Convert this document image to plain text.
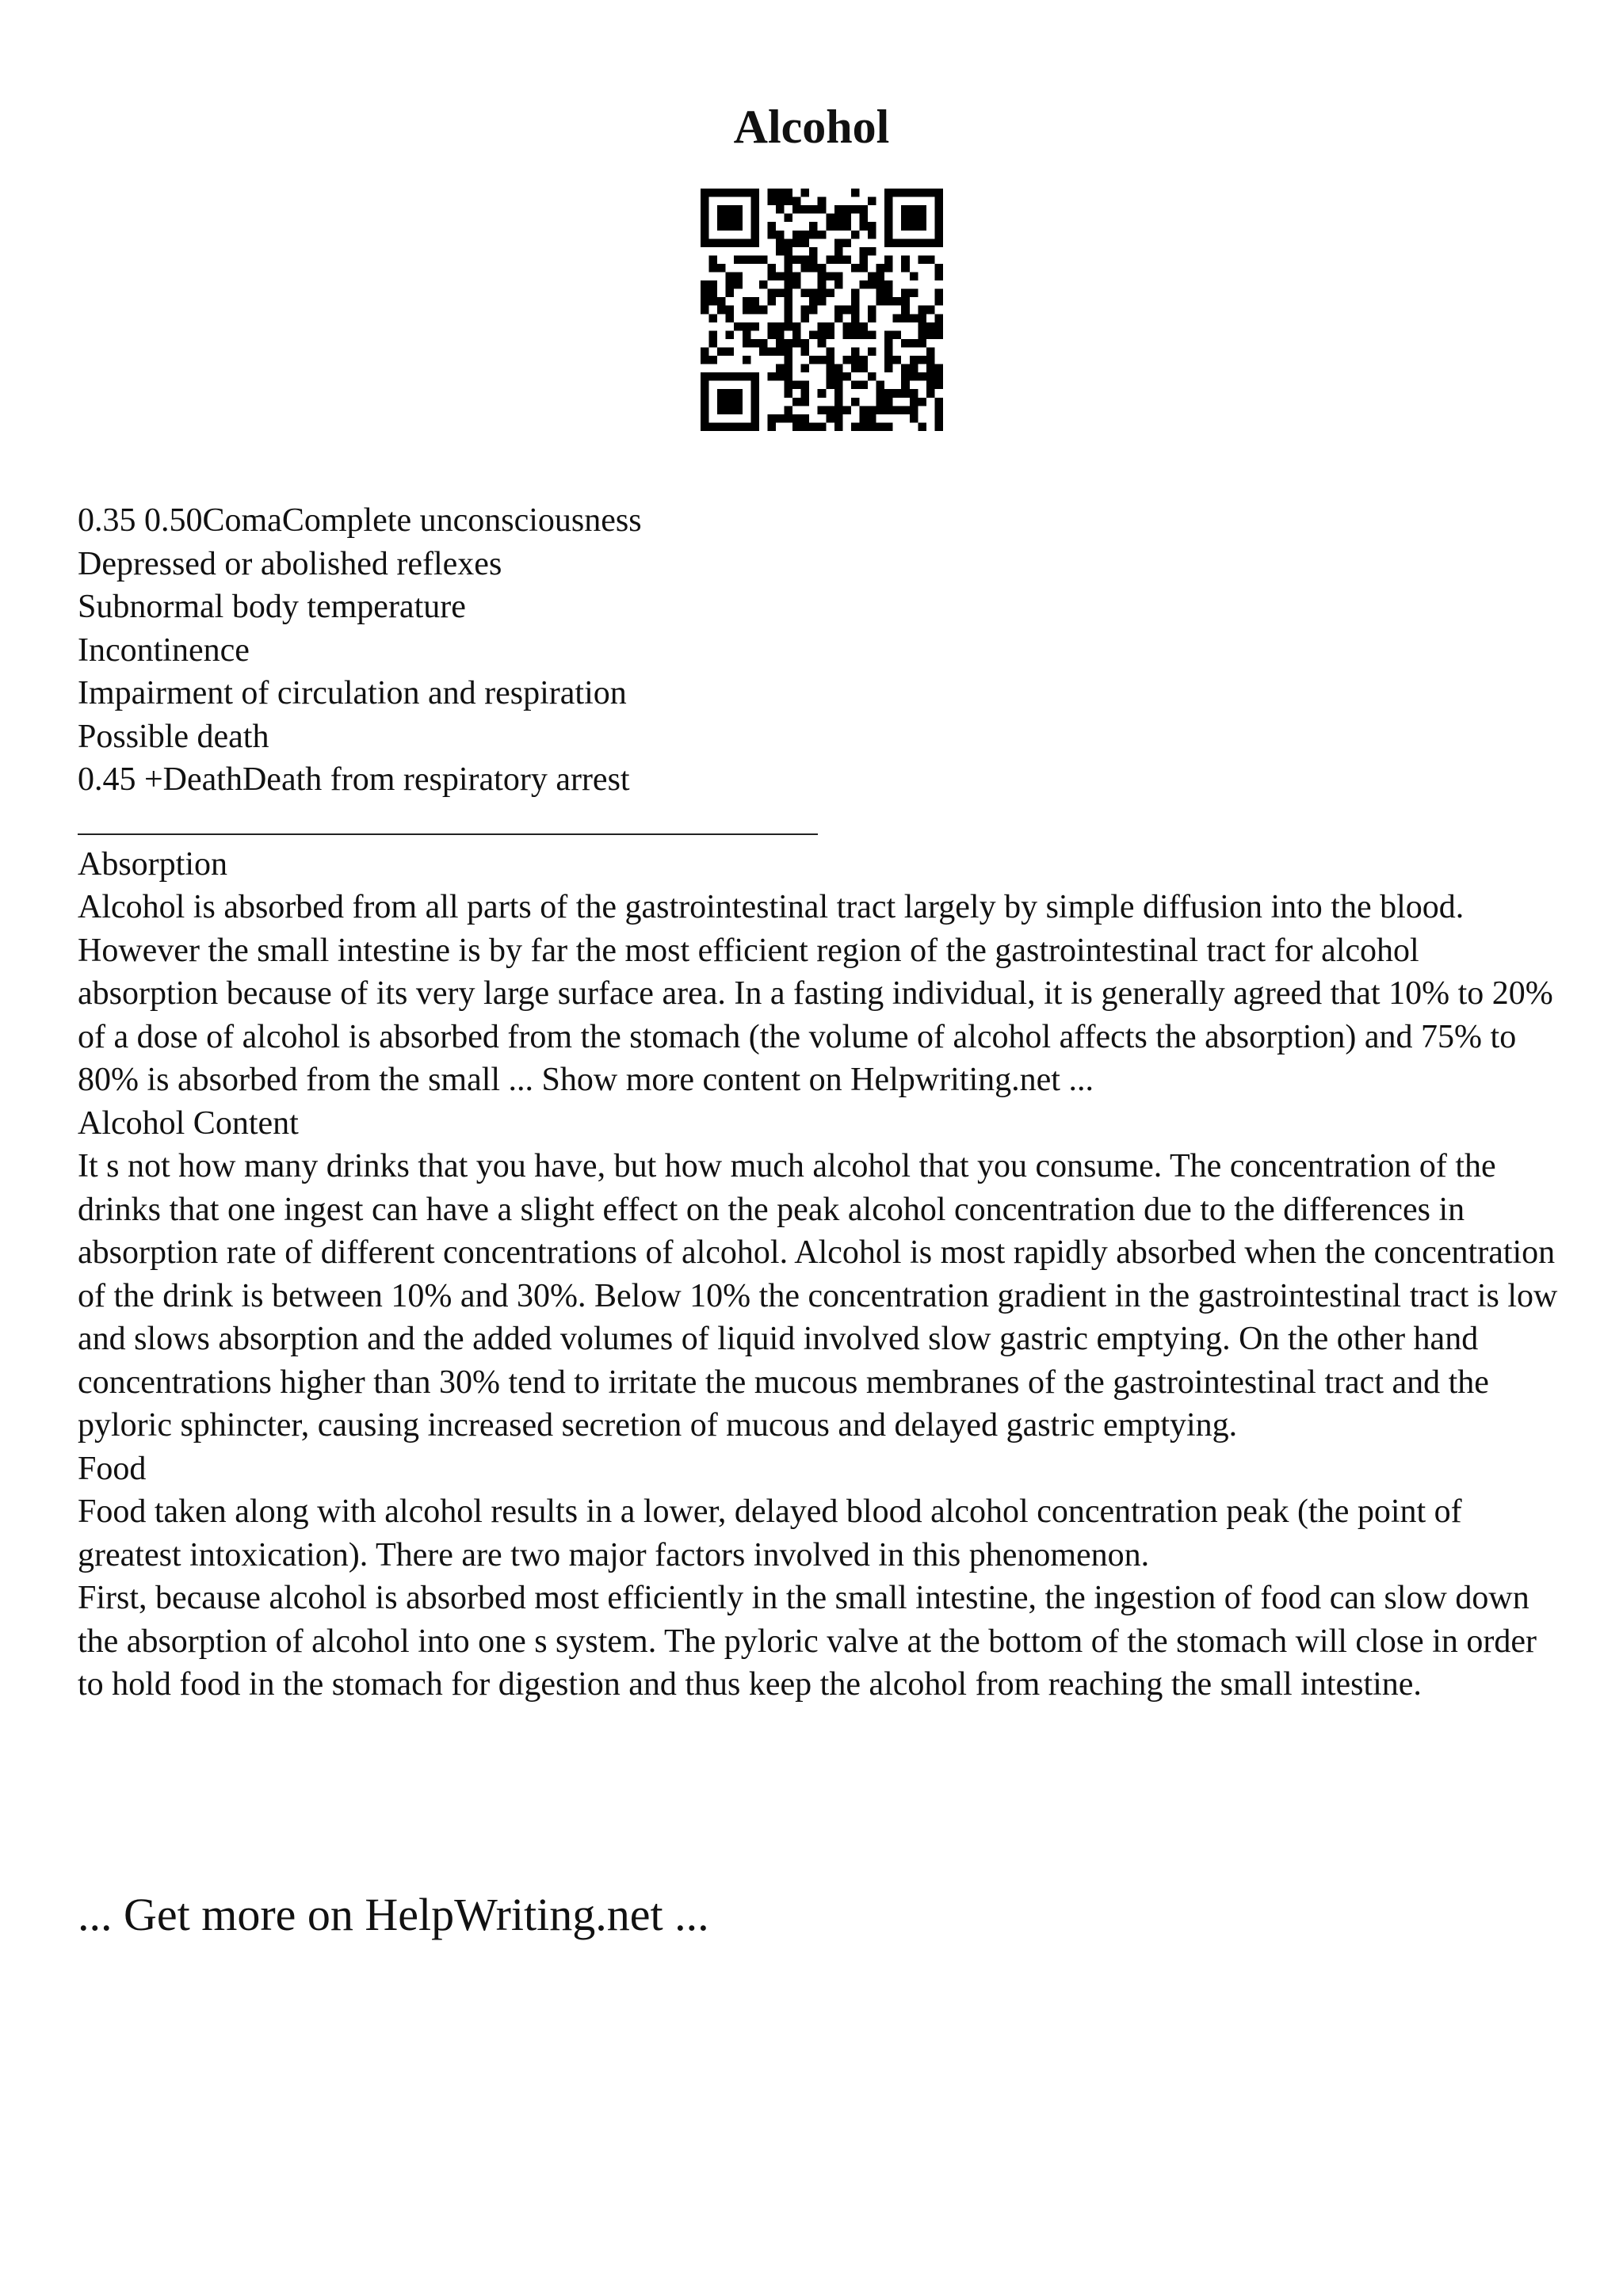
Alcohol
0.35 0.50ComaComplete unconsciousness
Depressed or abolished reflexes
Subnormal body temperature
Incontinence
Impairment of circulation and respiration
Possible death
0.45 +DeathDeath from respiratory arrest
Absorption
Alcohol is absorbed from all parts of the gastrointestinal tract largely by simple diffusion into the blood. However the small intestine is by far the most efficient region of the gastrointestinal tract for alcohol absorption because of its very large surface area. In a fasting individual, it is generally agreed that 10% to 20% of a dose of alcohol is absorbed from the stomach (the volume of alcohol affects the absorption) and 75% to 80% is absorbed from the small ... Show more content on Helpwriting.net ...
Alcohol Content
It s not how many drinks that you have, but how much alcohol that you consume. The concentration of the drinks that one ingest can have a slight effect on the peak alcohol concentration due to the differences in absorption rate of different concentrations of alcohol. Alcohol is most rapidly absorbed when the concentration of the drink is between 10% and 30%. Below 10% the concentration gradient in the gastrointestinal tract is low and slows absorption and the added volumes of liquid involved slow gastric emptying. On the other hand concentrations higher than 30% tend to irritate the mucous membranes of the gastrointestinal tract and the pyloric sphincter, causing increased secretion of mucous and delayed gastric emptying.
Food
Food taken along with alcohol results in a lower, delayed blood alcohol concentration peak (the point of greatest intoxication). There are two major factors involved in this phenomenon.
First, because alcohol is absorbed most efficiently in the small intestine, the ingestion of food can slow down the absorption of alcohol into one s system. The pyloric valve at the bottom of the stomach will close in order to hold food in the stomach for digestion and thus keep the alcohol from reaching the small intestine.
... Get more on HelpWriting.net ...
